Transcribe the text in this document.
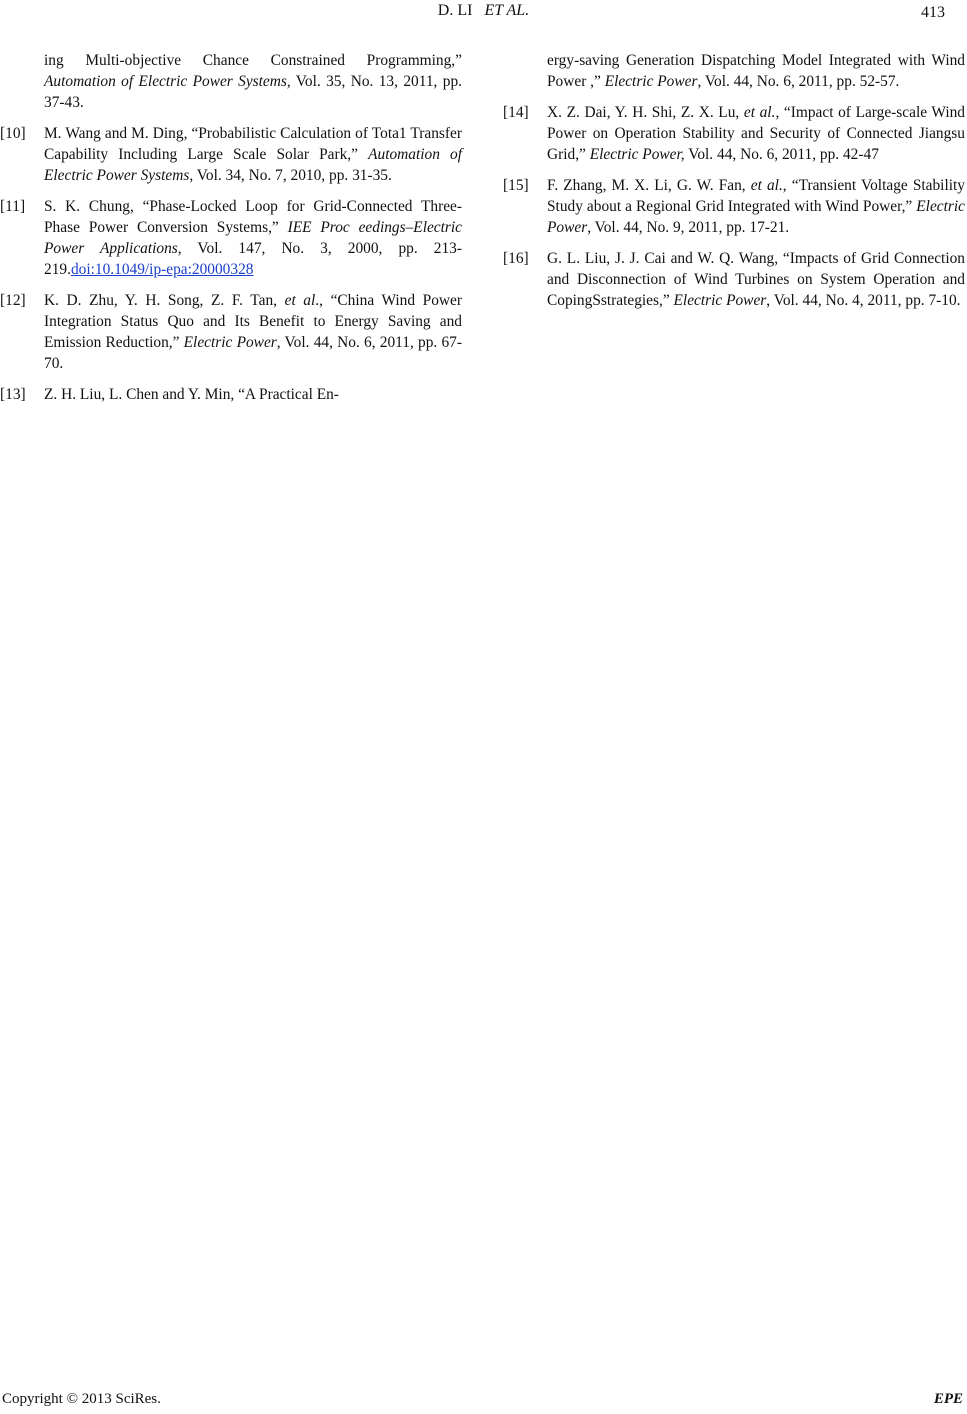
D. LI ET AL.	413
ing Multi-objective Chance Constrained Programming,” Automation of Electric Power Systems, Vol. 35, No. 13, 2011, pp. 37-43.
[10] M. Wang and M. Ding, “Probabilistic Calculation of Tota1 Transfer Capability Including Large Scale Solar Park,” Automation of Electric Power Systems, Vol. 34, No. 7, 2010, pp. 31-35.
[11] S. K. Chung, “Phase-Locked Loop for Grid-Connected Three-Phase Power Conversion Systems,” IEE Proc eedings–Electric Power Applications, Vol. 147, No. 3, 2000, pp. 213-219.doi:10.1049/ip-epa:20000328
[12] K. D. Zhu, Y. H. Song, Z. F. Tan, et al., “China Wind Power Integration Status Quo and Its Benefit to Energy Saving and Emission Reduction,” Electric Power, Vol. 44, No. 6, 2011, pp. 67-70.
[13] Z. H. Liu, L. Chen and Y. Min, “A Practical En-
ergy-saving Generation Dispatching Model Integrated with Wind Power ,” Electric Power, Vol. 44, No. 6, 2011, pp. 52-57.
[14] X. Z. Dai, Y. H. Shi, Z. X. Lu, et al., “Impact of Large-scale Wind Power on Operation Stability and Security of Connected Jiangsu Grid,” Electric Power, Vol. 44, No. 6, 2011, pp. 42-47
[15] F. Zhang, M. X. Li, G. W. Fan, et al., “Transient Voltage Stability Study about a Regional Grid Integrated with Wind Power,” Electric Power, Vol. 44, No. 9, 2011, pp. 17-21.
[16] G. L. Liu, J. J. Cai and W. Q. Wang, “Impacts of Grid Connection and Disconnection of Wind Turbines on System Operation and CopingSstrategies,” Electric Power, Vol. 44, No. 4, 2011, pp. 7-10.
Copyright © 2013 SciRes.	EPE
